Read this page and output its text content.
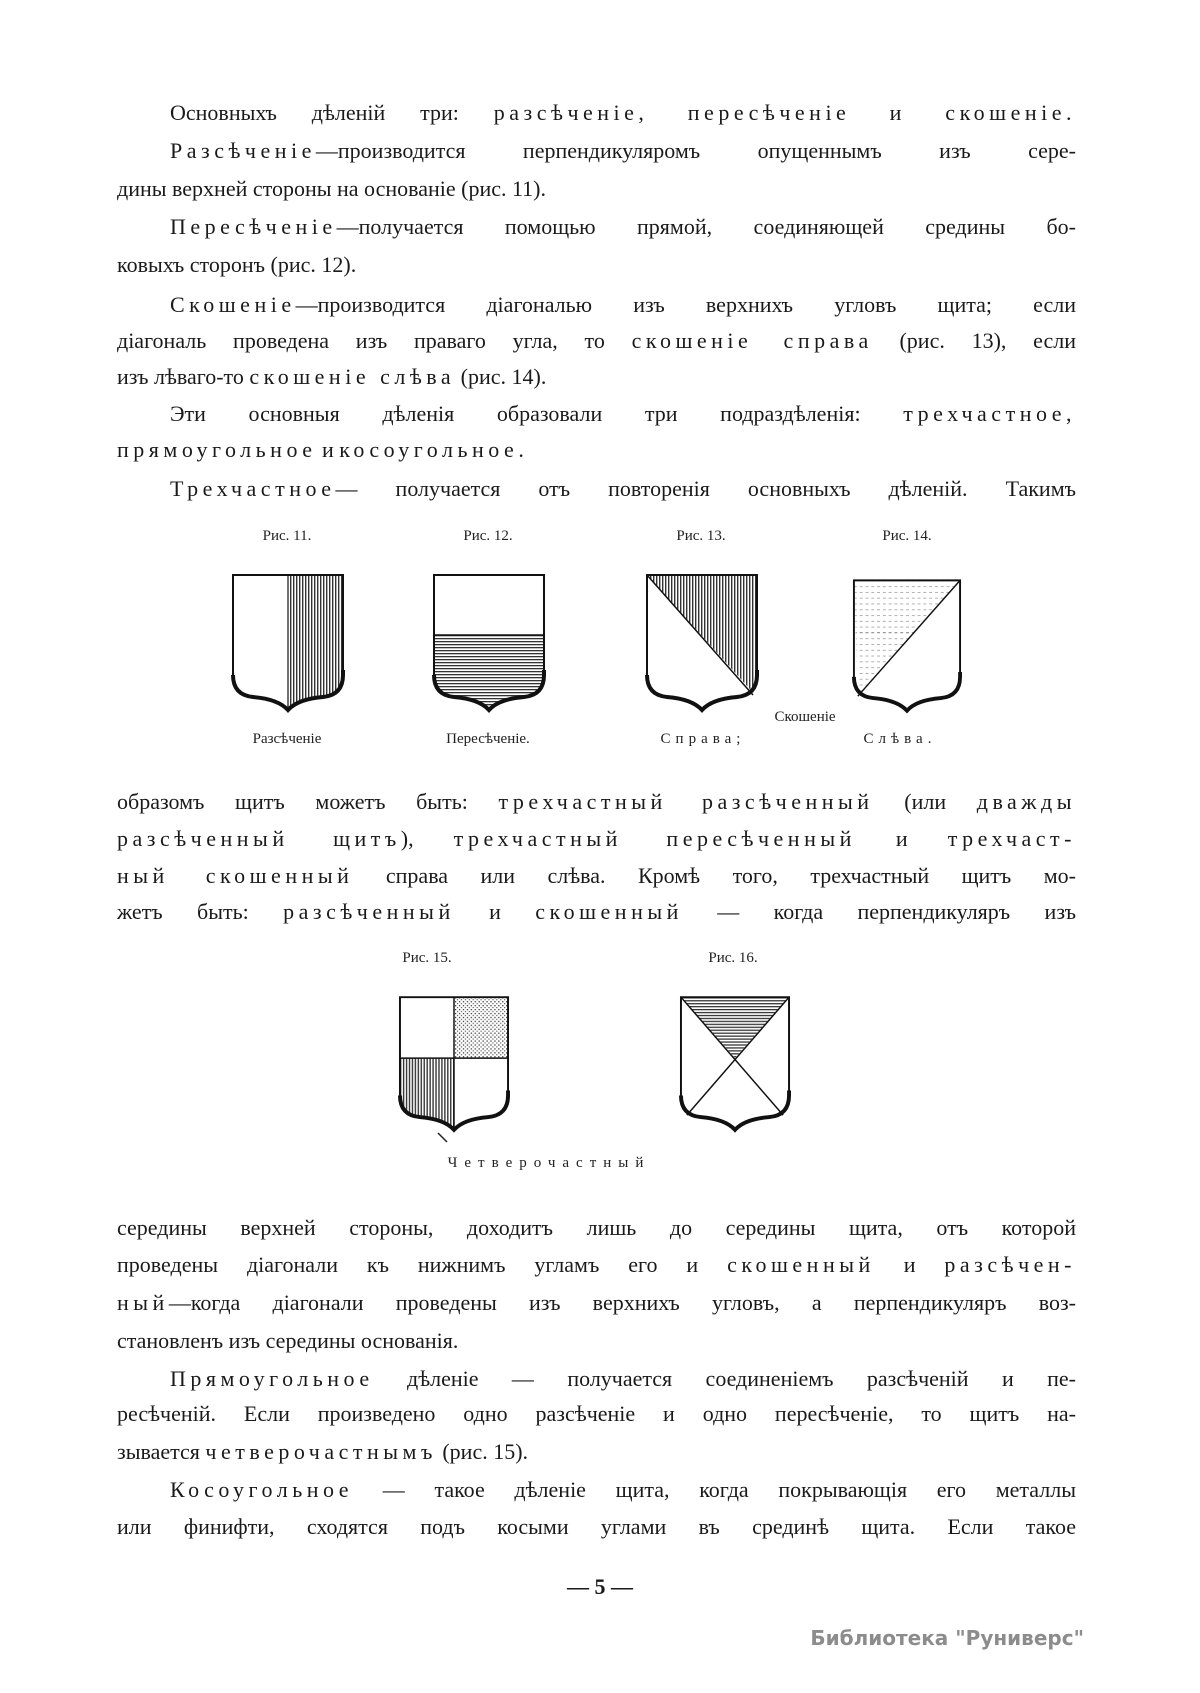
Основныхъ дѣленій три: разсѣченіе, пересѣченіе и скошеніе.
Разсѣченіе—производится перпендикуляромъ опущеннымъ изъ сере-
дины верхней стороны на основаніе (рис. 11).
Пересѣченіе—получается помощью прямой, соединяющей средины бо-
ковыхъ сторонъ (рис. 12).
Скошеніе—производится діагональю изъ верхнихъ угловъ щита; если
діагональ проведена изъ праваго угла, то скошеніе справа (рис. 13), если
изъ лѣваго-то скошеніе слѣва (рис. 14).
Эти основныя дѣленія образовали три подраздѣленія: трехчастное,
прямоугольное и косоугольное.
Трехчастное— получается отъ повторенія основныхъ дѣленій. Такимъ
образомъ щитъ можетъ быть: трехчастный разсѣченный (или дважды
разсѣченный щитъ), трехчастный пересѣченный и трехчаст-
ный скошенный справа или слѣва. Кромѣ того, трехчастный щитъ мо-
жетъ быть: разсѣченный и скошенный — когда перпендикуляръ изъ
середины верхней стороны, доходитъ лишь до середины щита, отъ которой
проведены діагонали къ нижнимъ угламъ его и скошенный и разсѣчен-
ный—когда діагонали проведены изъ верхнихъ угловъ, а перпендикуляръ воз-
становленъ изъ середины основанія.
Прямоугольное дѣленіе — получается соединеніемъ разсѣченій и пе-
ресѣченій. Если произведено одно разсѣченіе и одно пересѣченіе, то щитъ на-
зывается четверочастнымъ (рис. 15).
Косоугольное — такое дѣленіе щита, когда покрывающія его металлы
или финифти, сходятся подъ косыми углами въ срединѣ щита. Если такое
Рис. 11.	Рис. 12.	Рис. 13.	Рис. 14.
Рис. 15.	Рис. 16.
Разсѣченіе	Пересѣченіе.
Скошеніе
Справа;	Слѣва.
Четверочастный
— 5 —
Библиотека "Руниверс"
